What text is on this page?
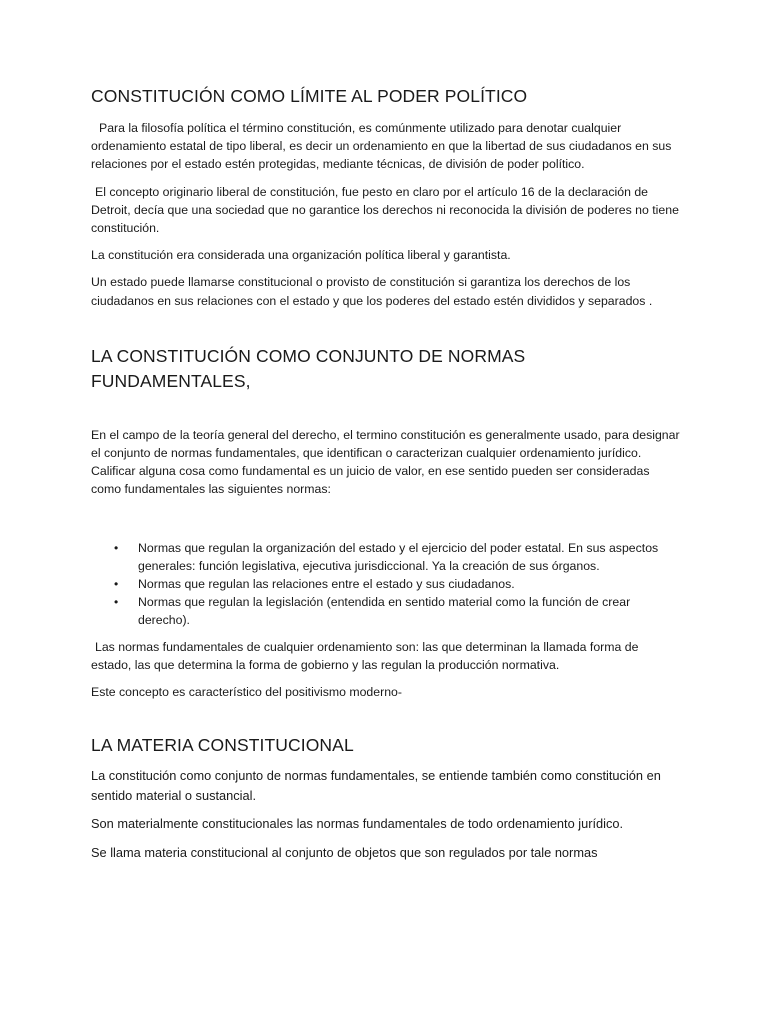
CONSTITUCIÓN COMO LÍMITE AL PODER POLÍTICO

Para la filosofía política el término constitución, es comúnmente utilizado para denotar cualquier ordenamiento estatal de tipo liberal, es decir un ordenamiento en que la libertad de sus ciudadanos en sus relaciones por el estado estén protegidas, mediante técnicas, de división de poder político.

El concepto originario liberal de constitución, fue pesto en claro por el artículo 16 de la declaración de Detroit, decía que una sociedad que no garantice los derechos ni reconocida la división de poderes no tiene constitución.

La constitución era considerada una organización política liberal y garantista.

Un estado puede llamarse constitucional o provisto de constitución si garantiza los derechos de los ciudadanos en sus relaciones con el estado y que los poderes del estado estén divididos y separados .

LA CONSTITUCIÓN COMO CONJUNTO DE NORMAS FUNDAMENTALES,

En el campo de la teoría general del derecho, el termino constitución es generalmente usado, para designar el conjunto de normas fundamentales, que identifican o caracterizan cualquier ordenamiento jurídico. Calificar alguna cosa como fundamental es un juicio de valor, en ese sentido pueden ser consideradas como fundamentales las siguientes normas:

• Normas que regulan la organización del estado y el ejercicio del poder estatal. En sus aspectos generales: función legislativa, ejecutiva jurisdiccional. Ya la creación de sus órganos.
• Normas que regulan las relaciones entre el estado y sus ciudadanos.
• Normas que regulan la legislación (entendida en sentido material como la función de crear derecho).

Las normas fundamentales de cualquier ordenamiento son: las que determinan la llamada forma de estado, las que determina la forma de gobierno y las regulan la producción normativa.

Este concepto es característico del positivismo moderno-

LA MATERIA CONSTITUCIONAL

La constitución como conjunto de normas fundamentales, se entiende también como constitución en sentido material o sustancial.

Son materialmente constitucionales las normas fundamentales de todo ordenamiento jurídico.

Se llama materia constitucional al conjunto de objetos que son regulados por tale normas
